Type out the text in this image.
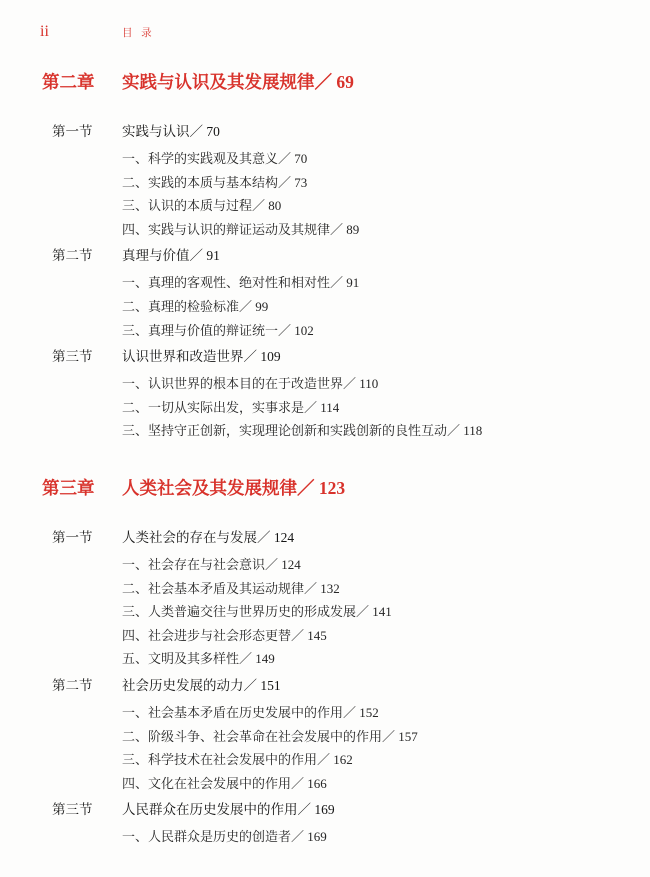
ii	目 录
第二章 实践与认识及其发展规律／ 69
第一节 实践与认识／ 70
一、科学的实践观及其意义／ 70
二、实践的本质与基本结构／ 73
三、认识的本质与过程／ 80
四、实践与认识的辩证运动及其规律／ 89
第二节 真理与价值／ 91
一、真理的客观性、绝对性和相对性／ 91
二、真理的检验标准／ 99
三、真理与价值的辩证统一／ 102
第三节 认识世界和改造世界／ 109
一、认识世界的根本目的在于改造世界／ 110
二、一切从实际出发，实事求是／ 114
三、坚持守正创新，实现理论创新和实践创新的良性互动／ 118
第三章 人类社会及其发展规律／ 123
第一节 人类社会的存在与发展／ 124
一、社会存在与社会意识／ 124
二、社会基本矛盾及其运动规律／ 132
三、人类普遍交往与世界历史的形成发展／ 141
四、社会进步与社会形态更替／ 145
五、文明及其多样性／ 149
第二节 社会历史发展的动力／ 151
一、社会基本矛盾在历史发展中的作用／ 152
二、阶级斗争、社会革命在社会发展中的作用／ 157
三、科学技术在社会发展中的作用／ 162
四、文化在社会发展中的作用／ 166
第三节 人民群众在历史发展中的作用／ 169
一、人民群众是历史的创造者／ 169
